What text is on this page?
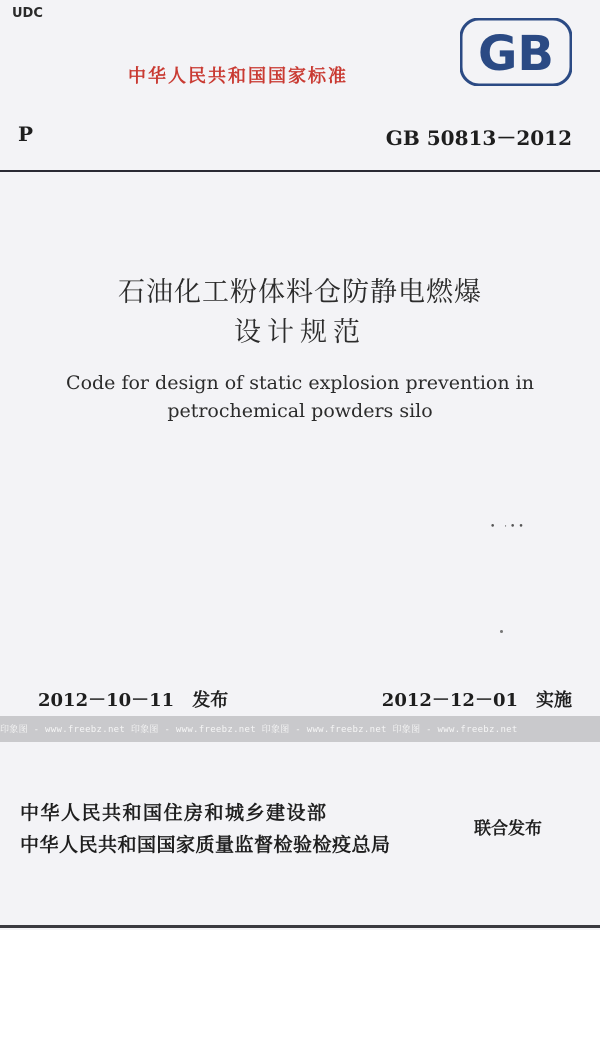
UDC
中华人民共和国国家标准	GB
P	GB 50813－2012
石油化工粉体料仓防静电燃爆
设计规范
Code for design of static explosion prevention in
petrochemical powders silo
• ·••
2012－10－11　发布	2012－12－01　实施
印象图 - www.freebz.net 印象图 - www.freebz.net 印象图 - www.freebz.net 印象图 - www.freebz.net
中华人民共和国住房和城乡建设部
中华人民共和国国家质量监督检验检疫总局
联合发布
